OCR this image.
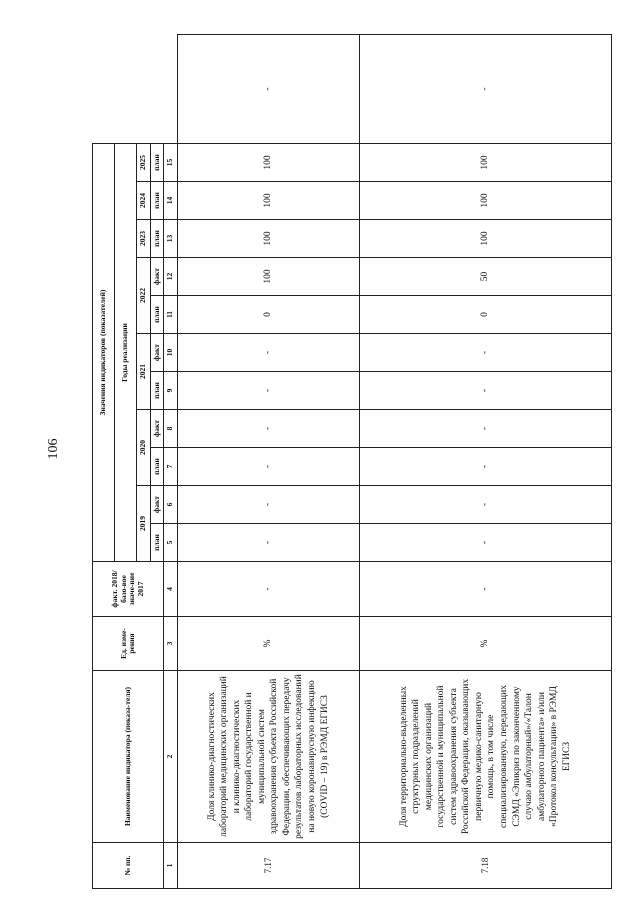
106
№ пп.	Наименование индикатора (показа-теля)	Ед. изме-рения	факт. 2018/базо-вое значе-ние 2017	Значения индикаторов (показателей)											
				Годы реализации											
				2019		2020		2021		2022		2023	2024	2025	
				план	факт	план	факт	план	факт	план	факт	план	план	план	
1	2	3	4	5	6	7	8	9	10	11	12	13	14	15	
7.17	Доля клинико-диагностических лабораторий медицинских организаций и клинико-диагностических лабораторий государственной и муниципальной систем здравоохранения субъекта Российской Федерации, обеспечивающих передачу результатов лабораторных исследований на новую коронавирусную инфекцию (COVID – 19) в РЭМД ЕГИСЗ	%	-	-	-	-	-	-	-	0	100	100	100	100	-
7.18	Доля территориально-выделенных структурных подразделений медицинских организаций государственной и муниципальной систем здравоохранения субъекта Российской Федерации, оказывающих первичную медико-санитарную помощь, в том числе специализированную, передающих СЭМД «Эпикриз по законченному случаю амбулаторный»/«Талон амбулаторного пациента» и/или «Протокол консультации» в РЭМД ЕГИСЗ	%	-	-	-	-	-	-	-	0	50	100	100	100	-
